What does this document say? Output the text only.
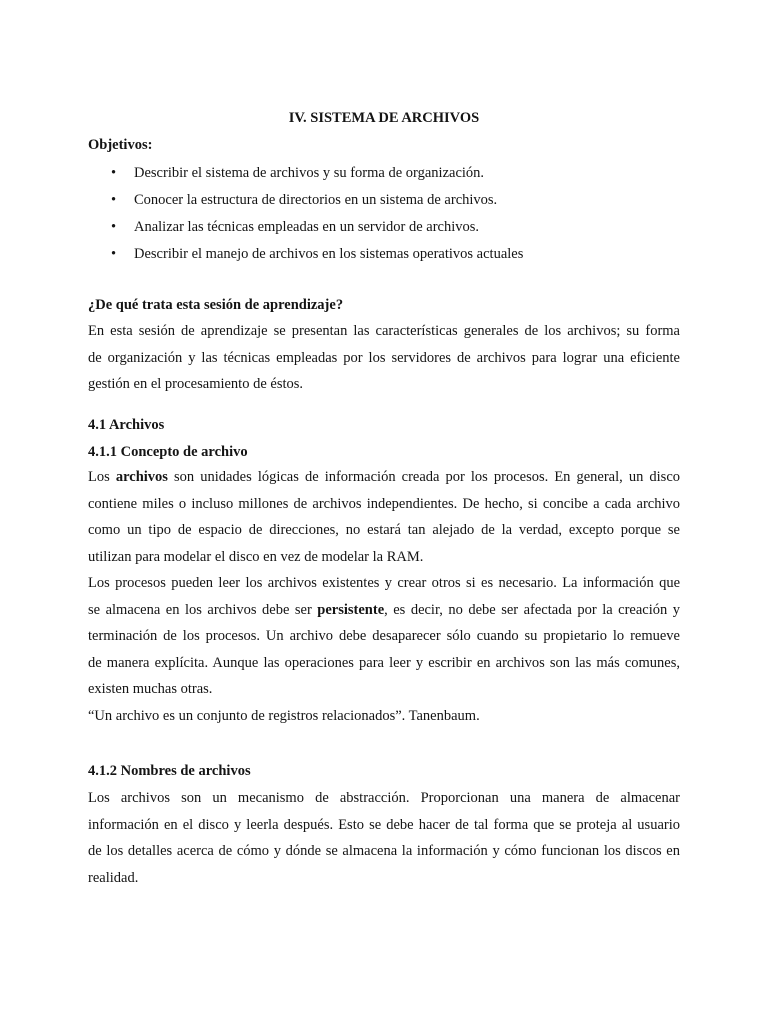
IV. SISTEMA DE ARCHIVOS
Objetivos:
• Describir el sistema de archivos y su forma de organización.
• Conocer la estructura de directorios en un sistema de archivos.
• Analizar las técnicas empleadas en un servidor de archivos.
• Describir el manejo de archivos en los sistemas operativos actuales
¿De qué trata esta sesión de aprendizaje?
En esta sesión de aprendizaje se presentan las características generales de los archivos; su forma
de organización y las técnicas empleadas por los servidores de archivos para lograr una eficiente
gestión en el procesamiento de éstos.
4.1 Archivos
4.1.1 Concepto de archivo
Los archivos son unidades lógicas de información creada por los procesos. En general, un disco
contiene miles o incluso millones de archivos independientes. De hecho, si concibe a cada archivo
como un tipo de espacio de direcciones, no estará tan alejado de la verdad, excepto porque se
utilizan para modelar el disco en vez de modelar la RAM.
Los procesos pueden leer los archivos existentes y crear otros si es necesario. La información que
se almacena en los archivos debe ser persistente, es decir, no debe ser afectada por la creación y
terminación de los procesos. Un archivo debe desaparecer sólo cuando su propietario lo remueve
de manera explícita. Aunque las operaciones para leer y escribir en archivos son las más comunes,
existen muchas otras.
“Un archivo es un conjunto de registros relacionados”. Tanenbaum.
4.1.2 Nombres de archivos
Los archivos son un mecanismo de abstracción. Proporcionan una manera de almacenar
información en el disco y leerla después. Esto se debe hacer de tal forma que se proteja al usuario
de los detalles acerca de cómo y dónde se almacena la información y cómo funcionan los discos en
realidad.
